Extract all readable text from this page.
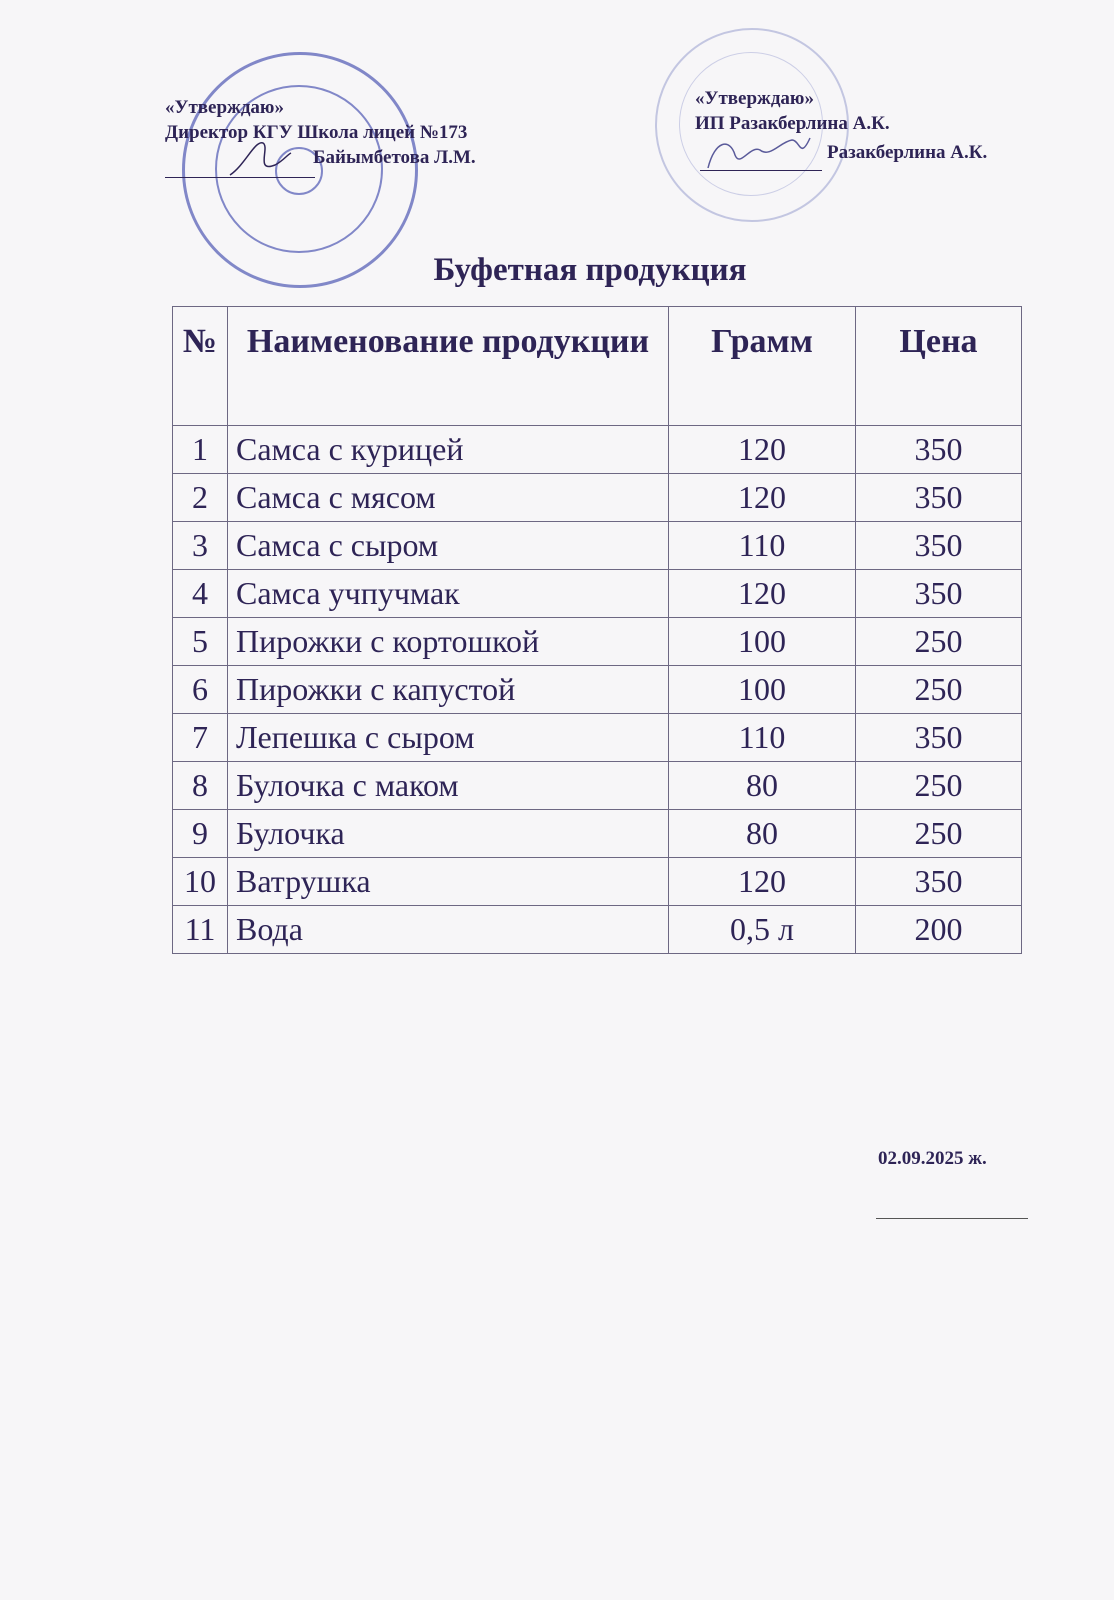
«Утверждаю»
Директор КГУ Школа лицей №173
Байымбетова Л.М.
«Утверждаю»
ИП Разакберлина А.К.
Разакберлина А.К.
Буфетная продукция
№	Наименование продукции	Грамм	Цена
1	Самса с курицей	120	350
2	Самса с мясом	120	350
3	Самса с сыром	110	350
4	Самса учпучмак	120	350
5	Пирожки с кортошкой	100	250
6	Пирожки с капустой	100	250
7	Лепешка с сыром	110	350
8	Булочка с маком	80	250
9	Булочка	80	250
10	Ватрушка	120	350
11	Вода	0,5 л	200
02.09.2025 ж.
